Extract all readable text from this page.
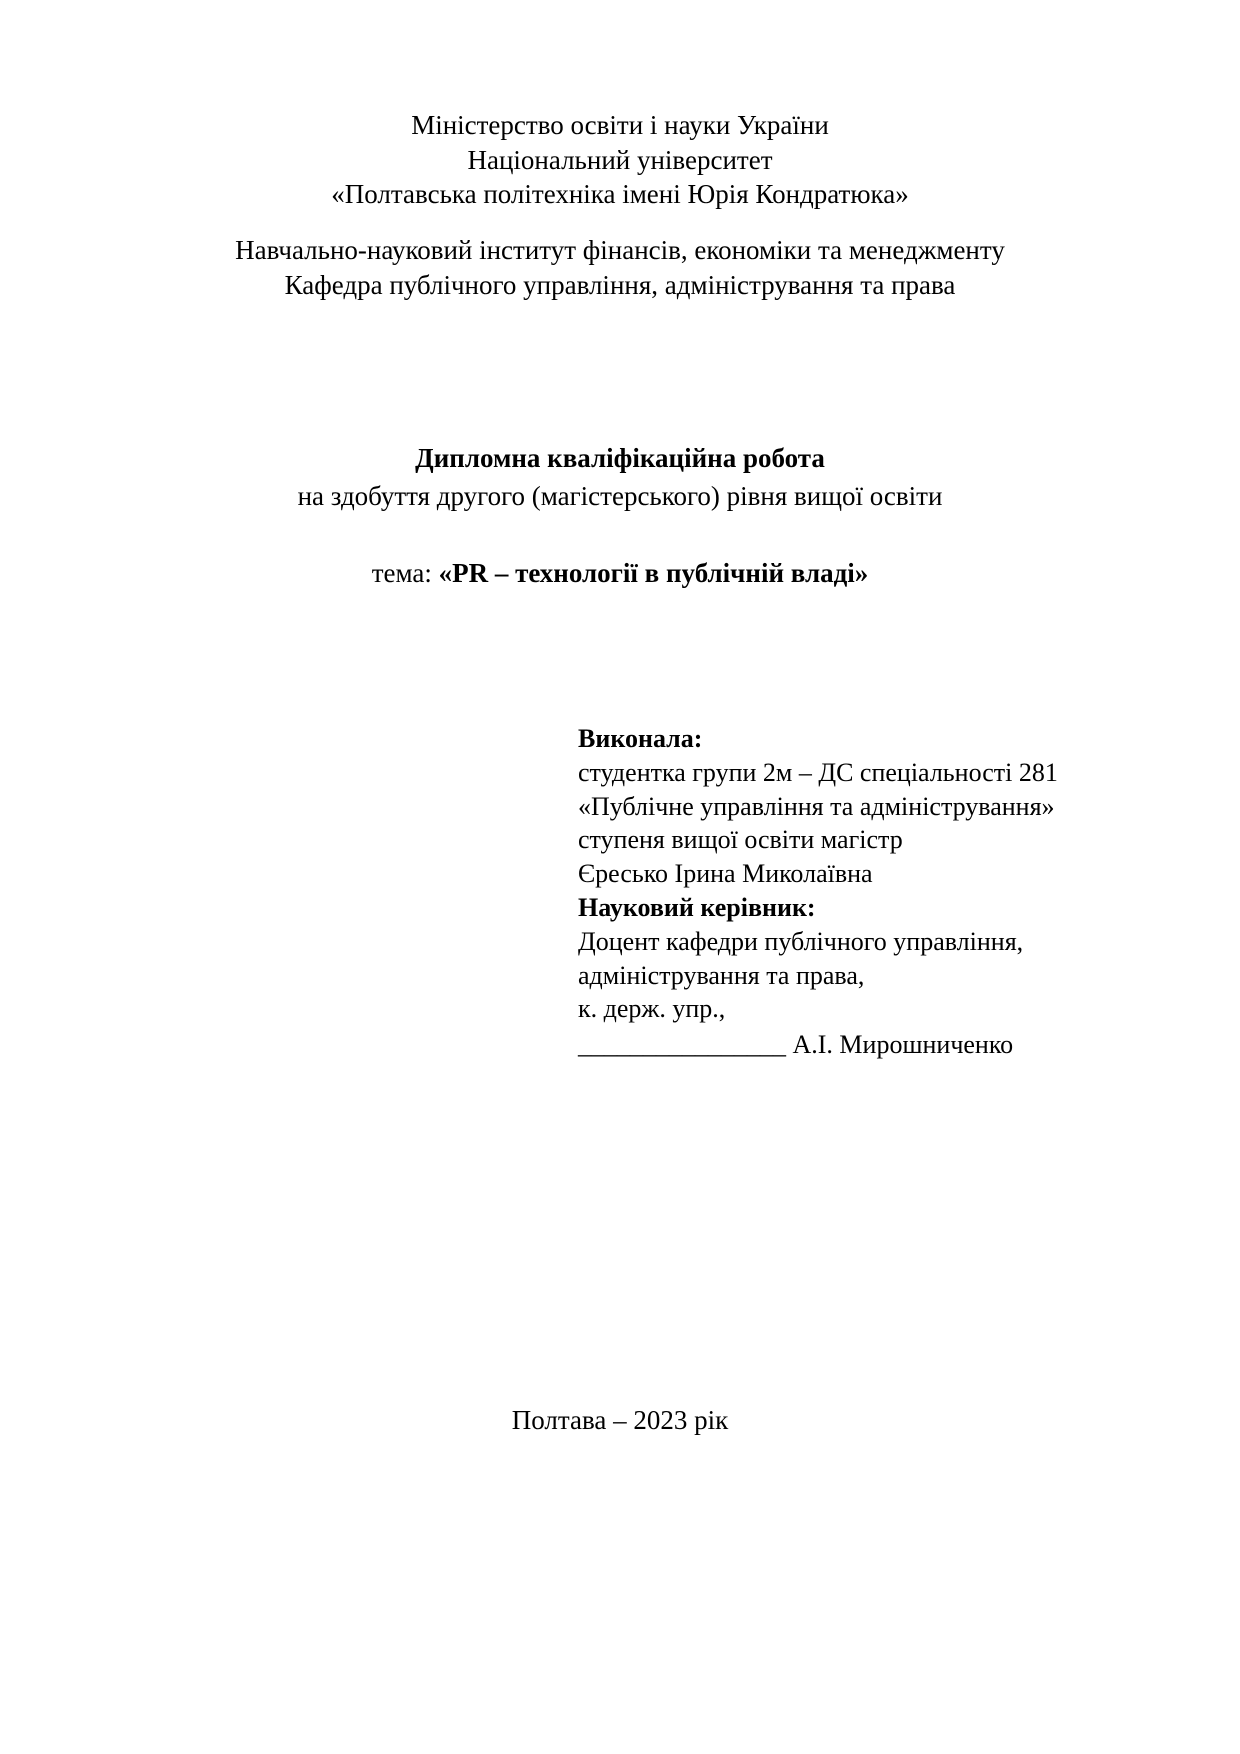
Міністерство освіти і науки України
Національний університет
«Полтавська політехніка імені Юрія Кондратюка»
Навчально-науковий інститут фінансів, економіки та менеджменту
Кафедра публічного управління, адміністрування та права
Дипломна кваліфікаційна робота
на здобуття другого (магістерського) рівня вищої освіти
тема: «PR – технології в публічній владі»
Виконала:
студентка групи 2м – ДС спеціальності 281
«Публічне управління та адміністрування»
ступеня вищої освіти магістр
Єресько Ірина Миколаївна
Науковий керівник:
Доцент кафедри публічного управління,
адміністрування та права,
к. держ. упр.,
________________ А.І. Мирошниченко
Полтава – 2023 рік
